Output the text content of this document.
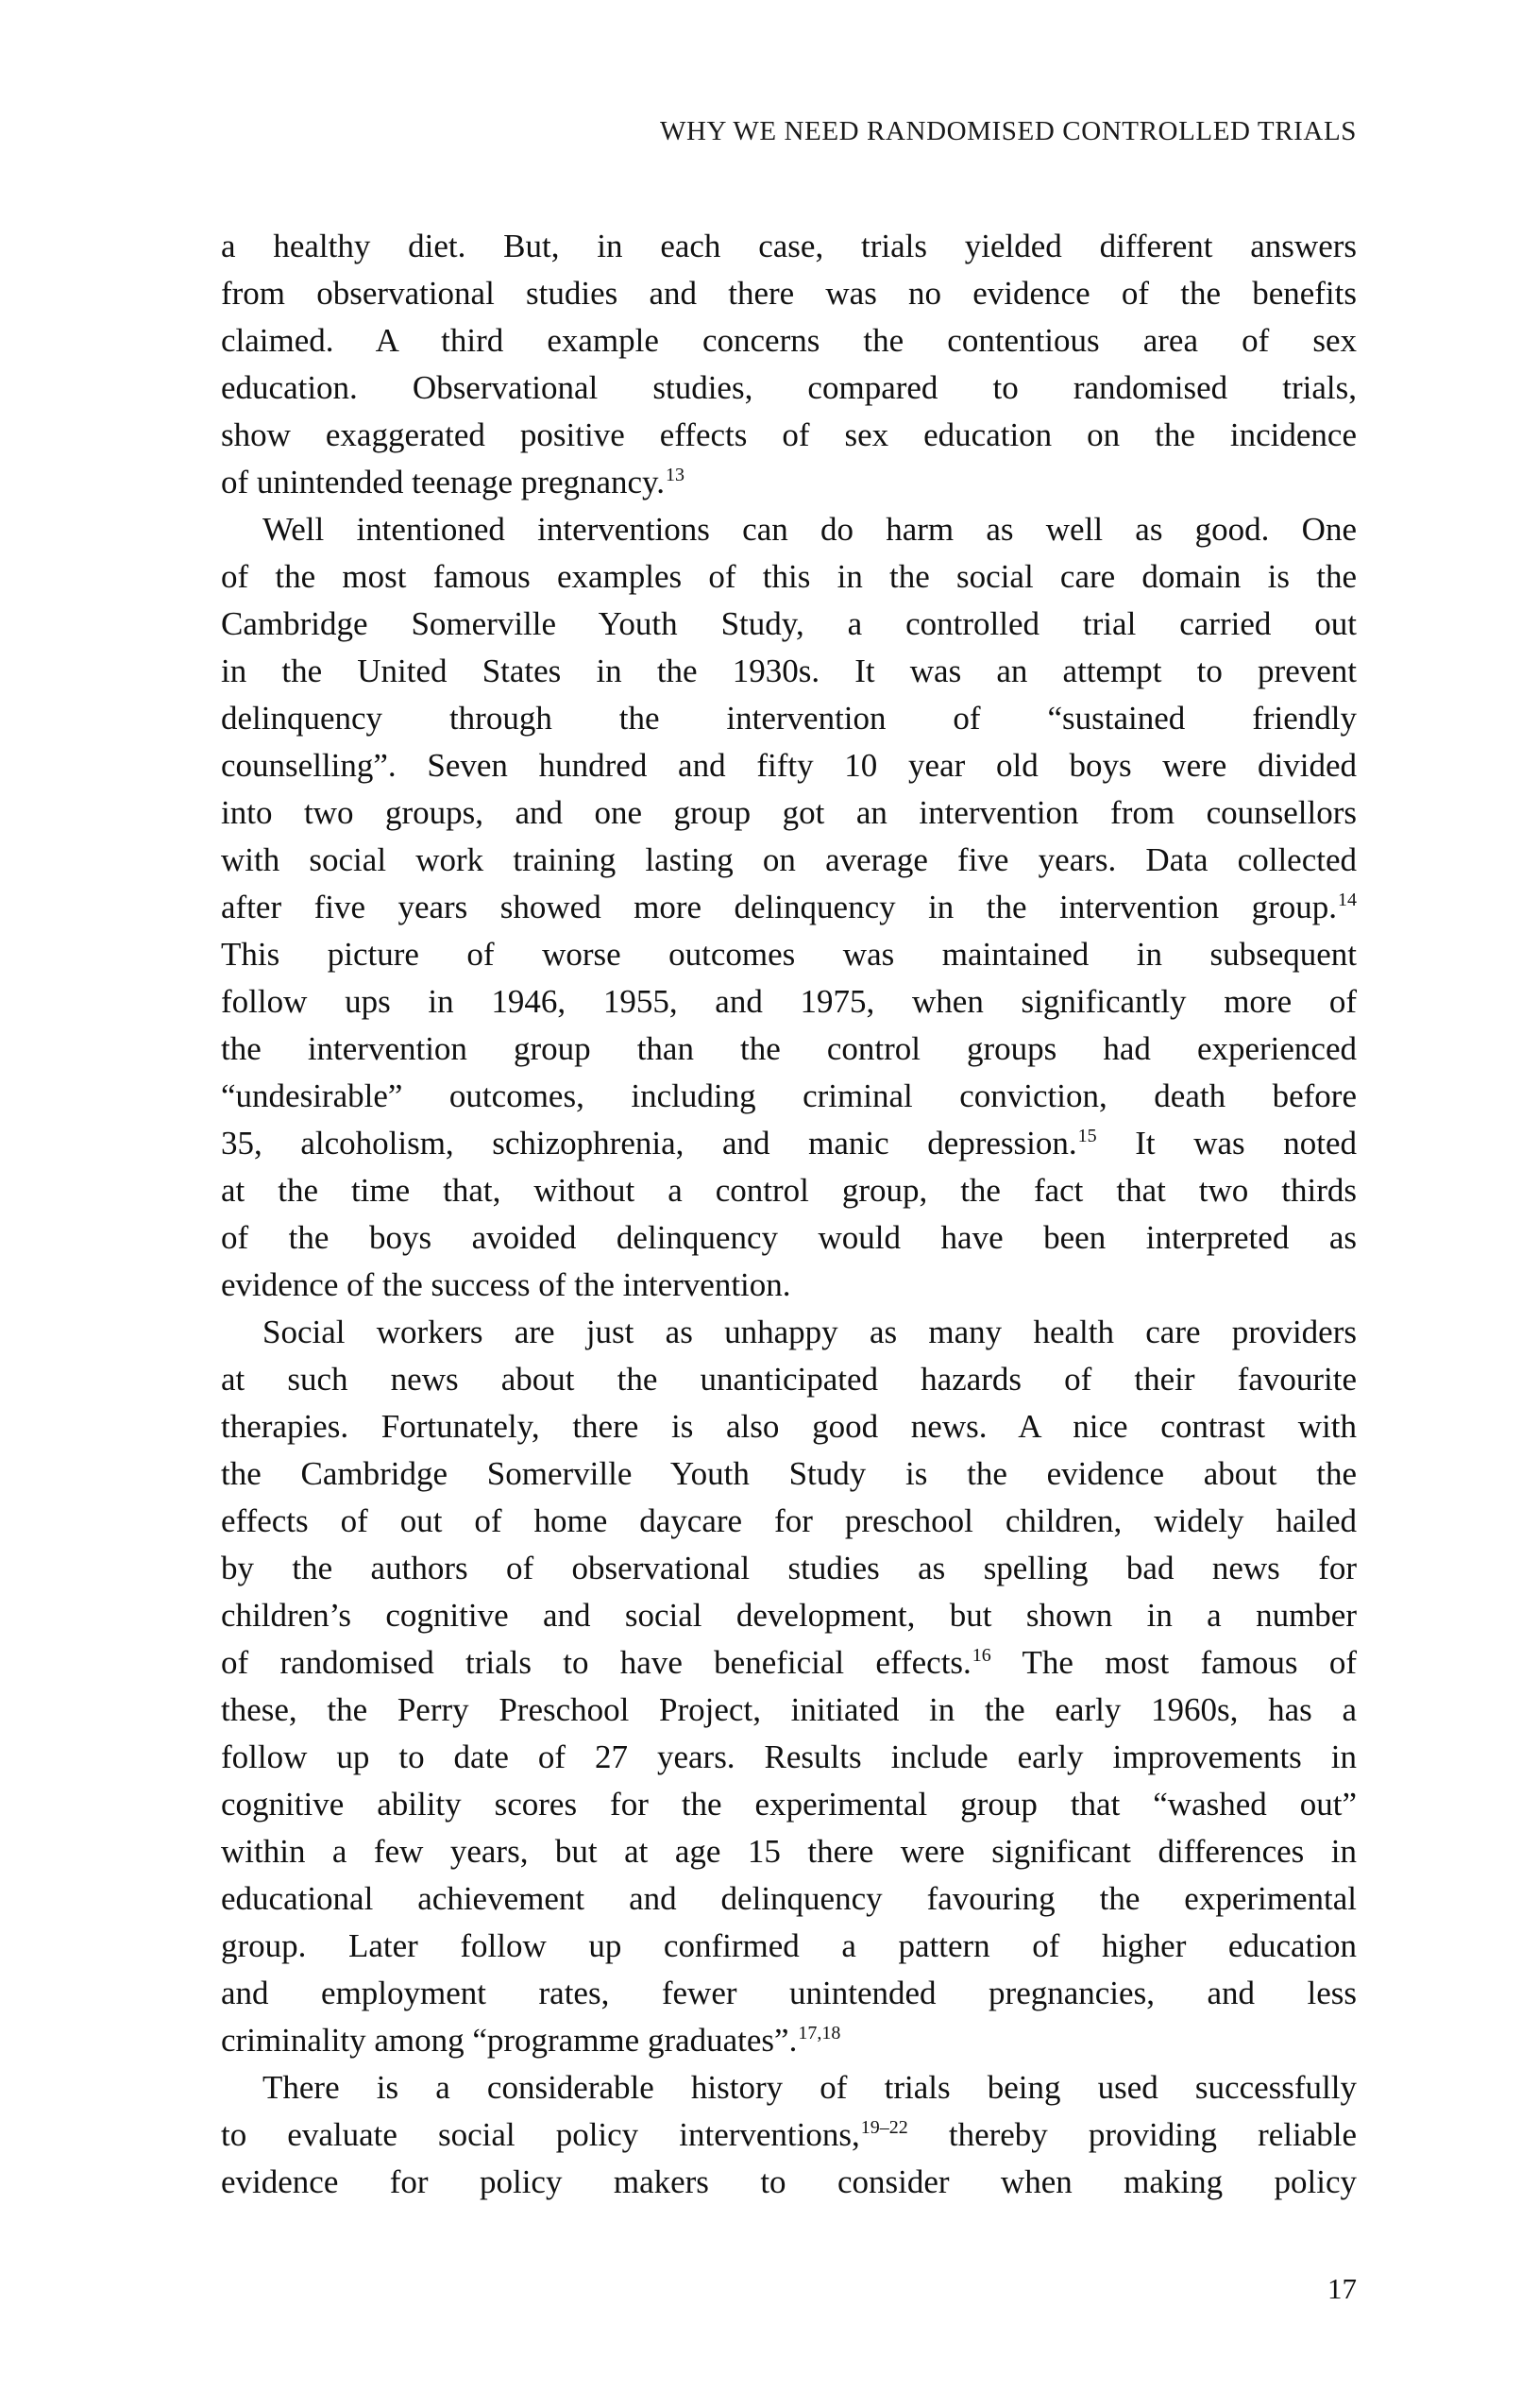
WHY WE NEED RANDOMISED CONTROLLED TRIALS
a healthy diet. But, in each case, trials yielded different answers
from observational studies and there was no evidence of the benefits
claimed. A third example concerns the contentious area of sex
education. Observational studies, compared to randomised trials,
show exaggerated positive effects of sex education on the incidence
of unintended teenage pregnancy.$^{13}$
Well intentioned interventions can do harm as well as good. One
of the most famous examples of this in the social care domain is the
Cambridge Somerville Youth Study, a controlled trial carried out
in the United States in the 1930s. It was an attempt to prevent
delinquency through the intervention of “sustained friendly
counselling”. Seven hundred and fifty 10 year old boys were divided
into two groups, and one group got an intervention from counsellors
with social work training lasting on average five years. Data collected
after five years showed more delinquency in the intervention group.$^{14}$
This picture of worse outcomes was maintained in subsequent
follow ups in 1946, 1955, and 1975, when significantly more of
the intervention group than the control groups had experienced
“undesirable” outcomes, including criminal conviction, death before
35, alcoholism, schizophrenia, and manic depression.$^{15}$ It was noted
at the time that, without a control group, the fact that two thirds
of the boys avoided delinquency would have been interpreted as
evidence of the success of the intervention.
Social workers are just as unhappy as many health care providers
at such news about the unanticipated hazards of their favourite
therapies. Fortunately, there is also good news. A nice contrast with
the Cambridge Somerville Youth Study is the evidence about the
effects of out of home daycare for preschool children, widely hailed
by the authors of observational studies as spelling bad news for
children’s cognitive and social development, but shown in a number
of randomised trials to have beneficial effects.$^{16}$ The most famous of
these, the Perry Preschool Project, initiated in the early 1960s, has a
follow up to date of 27 years. Results include early improvements in
cognitive ability scores for the experimental group that “washed out”
within a few years, but at age 15 there were significant differences in
educational achievement and delinquency favouring the experimental
group. Later follow up confirmed a pattern of higher education
and employment rates, fewer unintended pregnancies, and less
criminality among “programme graduates”.$^{17,18}$
There is a considerable history of trials being used successfully
to evaluate social policy interventions,$^{19-22}$ thereby providing reliable
evidence for policy makers to consider when making policy
17
